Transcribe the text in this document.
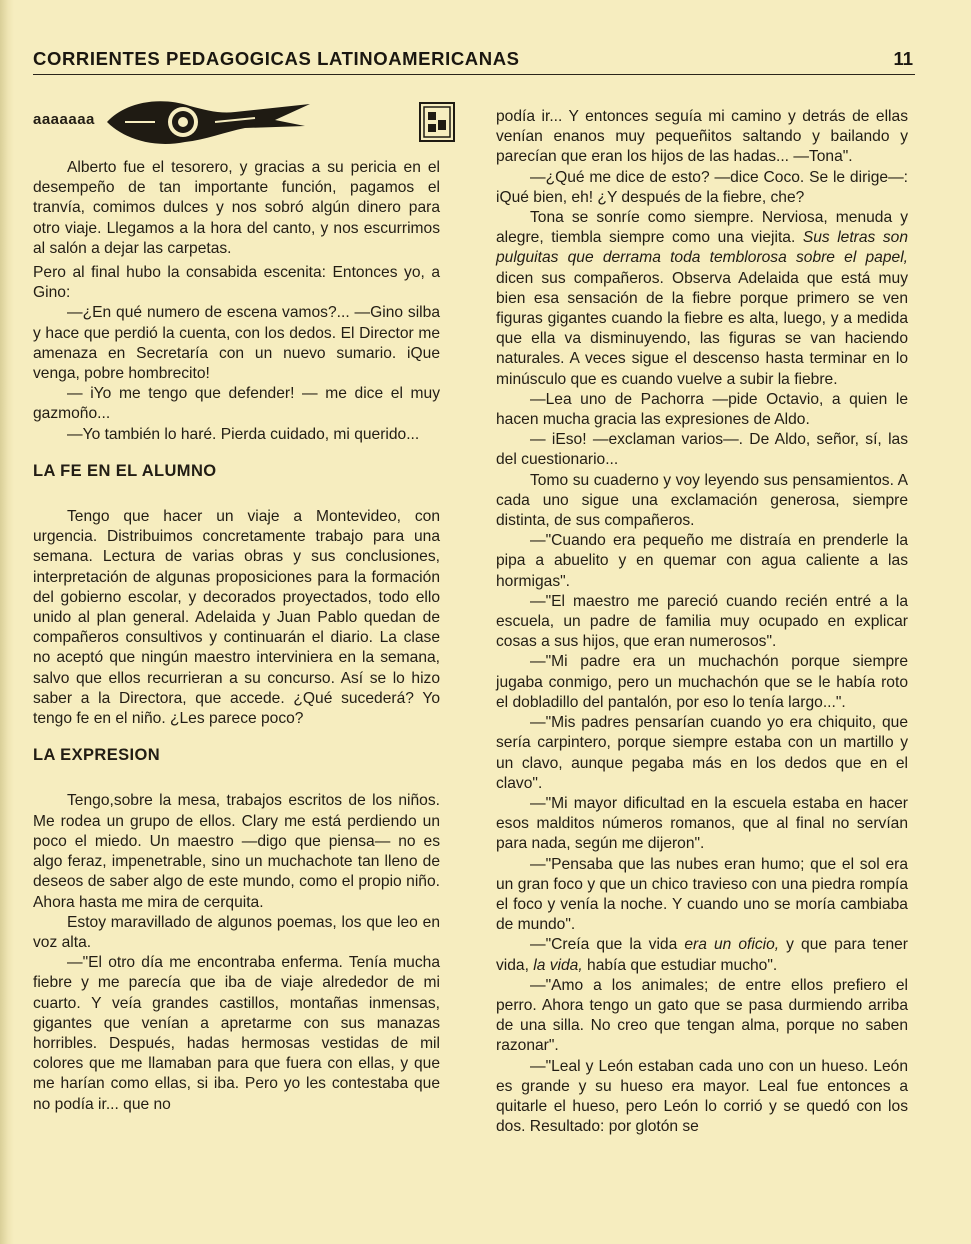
CORRIENTES PEDAGOGICAS LATINOAMERICANAS	11
aaaaaaa

Alberto fue el tesorero, y gracias a su pericia en el desempeño de tan importante función, pagamos el tranvía, comimos dulces y nos sobró algún dinero para otro viaje. Llegamos a la hora del canto, y nos escurrimos al salón a dejar las carpetas.

Pero al final hubo la consabida escenita: Entonces yo, a Gino:

—¿En qué numero de escena vamos?... —Gino silba y hace que perdió la cuenta, con los dedos. El Director me amenaza en Secretaría con un nuevo sumario. iQue venga, pobre hombrecito!

— iYo me tengo que defender! — me dice el muy gazmoño...

—Yo también lo haré. Pierda cuidado, mi querido...

LA FE EN EL ALUMNO

Tengo que hacer un viaje a Montevideo, con urgencia. Distribuimos concretamente trabajo para una semana. Lectura de varias obras y sus conclusiones, interpretación de algunas proposiciones para la formación del gobierno escolar, y decorados proyectados, todo ello unido al plan general. Adelaida y Juan Pablo quedan de compañeros consultivos y continuarán el diario. La clase no aceptó que ningún maestro interviniera en la semana, salvo que ellos recurrieran a su concurso. Así se lo hizo saber a la Directora, que accede. ¿Qué sucederá? Yo tengo fe en el niño. ¿Les parece poco?

LA EXPRESION

Tengo,sobre la mesa, trabajos escritos de los niños. Me rodea un grupo de ellos. Clary me está perdiendo un poco el miedo. Un maestro —digo que piensa— no es algo feraz, impenetrable, sino un muchachote tan lleno de deseos de saber algo de este mundo, como el propio niño. Ahora hasta me mira de cerquita.

Estoy maravillado de algunos poemas, los que leo en voz alta.

—"El otro día me encontraba enferma. Tenía mucha fiebre y me parecía que iba de viaje alrededor de mi cuarto. Y veía grandes castillos, montañas inmensas, gigantes que venían a apretarme con sus manazas horribles. Después, hadas hermosas vestidas de mil colores que me llamaban para que fuera con ellas, y que me harían como ellas, si iba. Pero yo les contestaba que no podía ir... que no

podía ir... Y entonces seguía mi camino y detrás de ellas venían enanos muy pequeñitos saltando y bailando y parecían que eran los hijos de las hadas... —Tona".

—¿Qué me dice de esto? —dice Coco. Se le dirige—: iQué bien, eh! ¿Y después de la fiebre, che?

Tona se sonríe como siempre. Nerviosa, menuda y alegre, tiembla siempre como una viejita. Sus letras son pulguitas que derrama toda temblorosa sobre el papel, dicen sus compañeros. Observa Adelaida que está muy bien esa sensación de la fiebre porque primero se ven figuras gigantes cuando la fiebre es alta, luego, y a medida que ella va disminuyendo, las figuras se van haciendo naturales. A veces sigue el descenso hasta terminar en lo minúsculo que es cuando vuelve a subir la fiebre.

—Lea uno de Pachorra —pide Octavio, a quien le hacen mucha gracia las expresiones de Aldo.

— iEso! —exclaman varios—. De Aldo, señor, sí, las del cuestionario...

Tomo su cuaderno y voy leyendo sus pensamientos. A cada uno sigue una exclamación generosa, siempre distinta, de sus compañeros.

—"Cuando era pequeño me distraía en prenderle la pipa a abuelito y en quemar con agua caliente a las hormigas".

—"El maestro me pareció cuando recién entré a la escuela, un padre de familia muy ocupado en explicar cosas a sus hijos, que eran numerosos".

—"Mi padre era un muchachón porque siempre jugaba conmigo, pero un muchachón que se le había roto el dobladillo del pantalón, por eso lo tenía largo...".

—"Mis padres pensarían cuando yo era chiquito, que sería carpintero, porque siempre estaba con un martillo y un clavo, aunque pegaba más en los dedos que en el clavo".

—"Mi mayor dificultad en la escuela estaba en hacer esos malditos números romanos, que al final no servían para nada, según me dijeron".

—"Pensaba que las nubes eran humo; que el sol era un gran foco y que un chico travieso con una piedra rompía el foco y venía la noche. Y cuando uno se moría cambiaba de mundo".

—"Creía que la vida era un oficio, y que para tener vida, la vida, había que estudiar mucho".

—"Amo a los animales; de entre ellos prefiero el perro. Ahora tengo un gato que se pasa durmiendo arriba de una silla. No creo que tengan alma, porque no saben razonar".

—"Leal y León estaban cada uno con un hueso. León es grande y su hueso era mayor. Leal fue entonces a quitarle el hueso, pero León lo corrió y se quedó con los dos. Resultado: por glotón se
